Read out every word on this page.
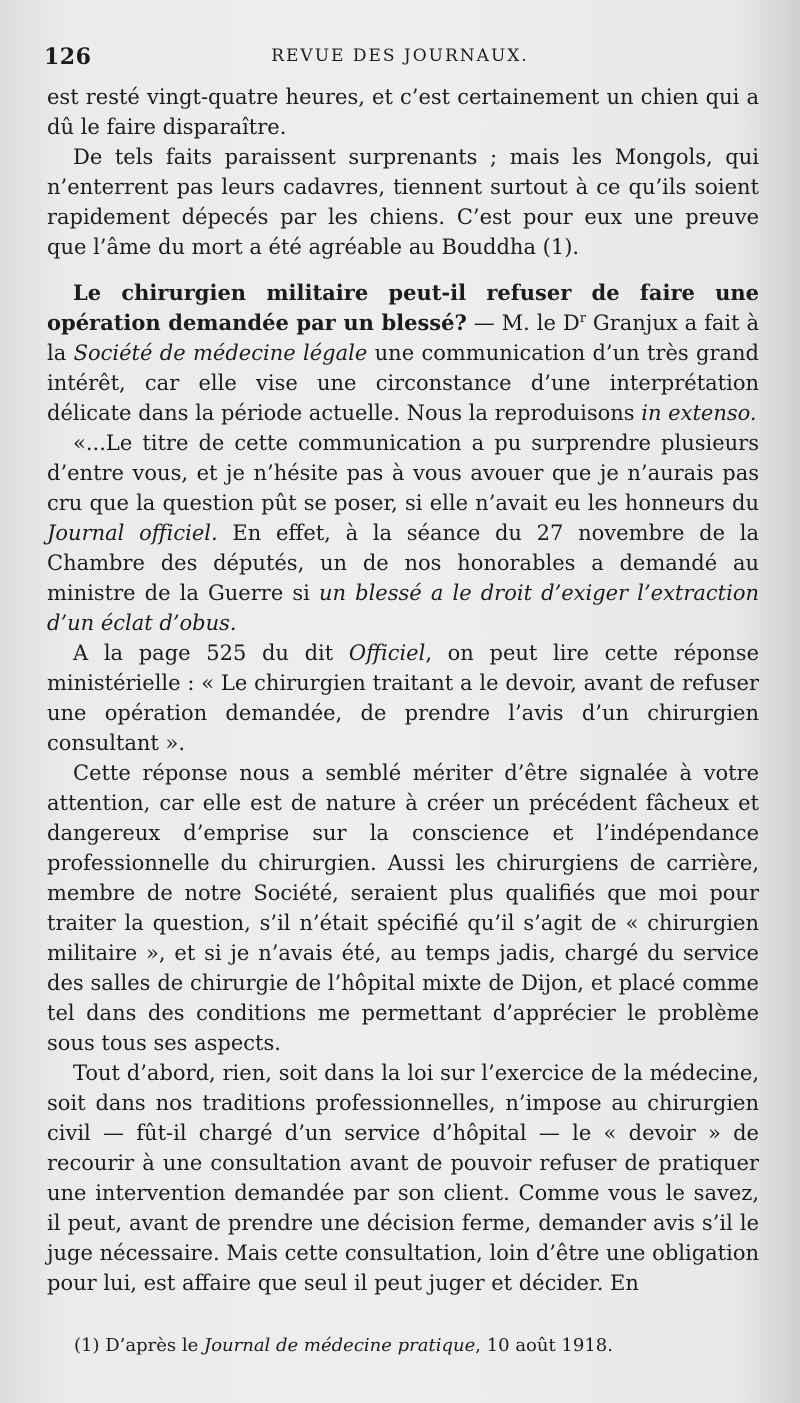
126	REVUE DES JOURNAUX.

est resté vingt-quatre heures, et c’est certainement un chien qui a dû le faire disparaître.

De tels faits paraissent surprenants ; mais les Mongols, qui n’enterrent pas leurs cadavres, tiennent surtout à ce qu’ils soient rapidement dépecés par les chiens. C’est pour eux une preuve que l’âme du mort a été agréable au Bouddha (1).

Le chirurgien militaire peut-il refuser de faire une opération demandée par un blessé? — M. le $D^r$ Granjux a fait à la Société de médecine légale une communication d’un très grand intérêt, car elle vise une circonstance d’une interprétation délicate dans la période actuelle. Nous la reproduisons in extenso.

«...Le titre de cette communication a pu surprendre plusieurs d’entre vous, et je n’hésite pas à vous avouer que je n’aurais pas cru que la question pût se poser, si elle n’avait eu les honneurs du Journal officiel. En effet, à la séance du 27 novembre de la Chambre des députés, un de nos honorables a demandé au ministre de la Guerre si un blessé a le droit d’exiger l’extraction d’un éclat d’obus.

A la page 525 du dit Officiel, on peut lire cette réponse ministérielle : « Le chirurgien traitant a le devoir, avant de refuser une opération demandée, de prendre l’avis d’un chirurgien consultant ».

Cette réponse nous a semblé mériter d’être signalée à votre attention, car elle est de nature à créer un précédent fâcheux et dangereux d’emprise sur la conscience et l’indépendance professionnelle du chirurgien. Aussi les chirurgiens de carrière, membre de notre Société, seraient plus qualifiés que moi pour traiter la question, s’il n’était spécifié qu’il s’agit de « chirurgien militaire », et si je n’avais été, au temps jadis, chargé du service des salles de chirurgie de l’hôpital mixte de Dijon, et placé comme tel dans des conditions me permettant d’apprécier le problème sous tous ses aspects.

Tout d’abord, rien, soit dans la loi sur l’exercice de la médecine, soit dans nos traditions professionnelles, n’impose au chirurgien civil — fût-il chargé d’un service d’hôpital — le « devoir » de recourir à une consultation avant de pouvoir refuser de pratiquer une intervention demandée par son client. Comme vous le savez, il peut, avant de prendre une décision ferme, demander avis s’il le juge nécessaire. Mais cette consultation, loin d’être une obligation pour lui, est affaire que seul il peut juger et décider. En

(1) D’après le Journal de médecine pratique, 10 août 1918.
